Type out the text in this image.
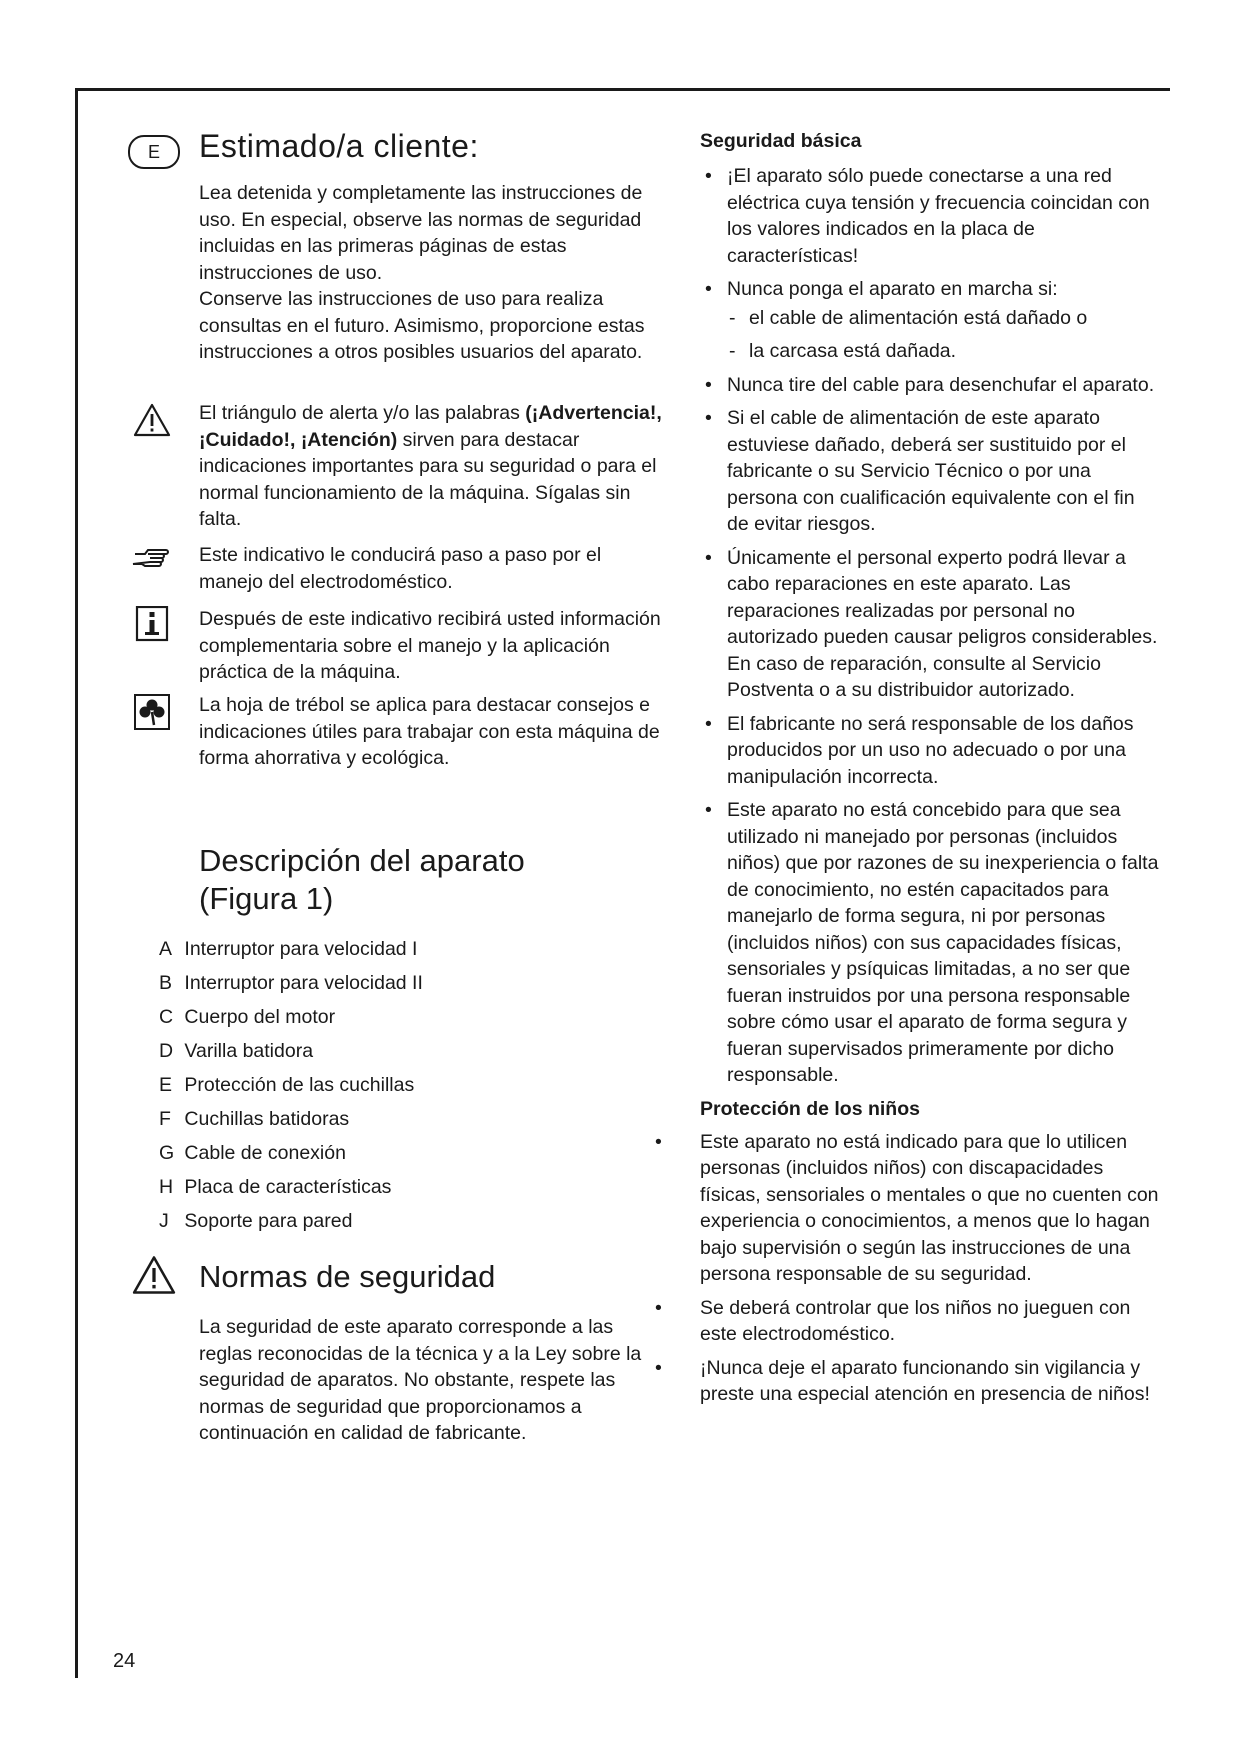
E	Estimado/a cliente:

Lea detenida y completamente las instrucciones de uso. En especial, observe las normas de seguridad incluidas en las primeras páginas de estas instrucciones de uso.

Conserve las instrucciones de uso para realiza consultas en el futuro. Asimismo, proporcione estas instrucciones a otros posibles usuarios del aparato.

El triángulo de alerta y/o las palabras (¡Advertencia!, ¡Cuidado!, ¡Atención) sirven para destacar indicaciones importantes para su seguridad o para el normal funcionamiento de la máquina. Sígalas sin falta.

Este indicativo le conducirá paso a paso por el manejo del electrodoméstico.

Después de este indicativo recibirá usted información complementaria sobre el manejo y la aplicación práctica de la máquina.

La hoja de trébol se aplica para destacar consejos e indicaciones útiles para trabajar con esta máquina de forma ahorrativa y ecológica.

Descripción del aparato
(Figura 1)
A Interruptor para velocidad I
B Interruptor para velocidad II
C Cuerpo del motor
D Varilla batidora
E Protección de las cuchillas
F Cuchillas batidoras
G Cable de conexión
H Placa de características
J Soporte para pared
Normas de seguridad

La seguridad de este aparato corresponde a las reglas reconocidas de la técnica y a la Ley sobre la seguridad de aparatos. No obstante, respete las normas de seguridad que proporcionamos a continuación en calidad de fabricante.

Seguridad básica

• ¡El aparato sólo puede conectarse a una red eléctrica cuya tensión y frecuencia coincidan con los valores indicados en la placa de características!
• Nunca ponga el aparato en marcha si:
- el cable de alimentación está dañado o
- la carcasa está dañada.
• Nunca tire del cable para desenchufar el aparato.
• Si el cable de alimentación de este aparato estuviese dañado, deberá ser sustituido por el fabricante o su Servicio Técnico o por una persona con cualificación equivalente con el fin de evitar riesgos.
• Únicamente el personal experto podrá llevar a cabo reparaciones en este aparato. Las reparaciones realizadas por personal no autorizado pueden causar peligros considerables. En caso de reparación, consulte al Servicio Postventa o a su distribuidor autorizado.
• El fabricante no será responsable de los daños producidos por un uso no adecuado o por una manipulación incorrecta.
• Este aparato no está concebido para que sea utilizado ni manejado por personas (incluidos niños) que por razones de su inexperiencia o falta de conocimiento, no estén capacitados para manejarlo de forma segura, ni por personas (incluidos niños) con sus capacidades físicas, sensoriales y psíquicas limitadas, a no ser que fueran instruidos por una persona responsable sobre cómo usar el aparato de forma segura y fueran supervisados primeramente por dicho responsable.

Protección de los niños

• Este aparato no está indicado para que lo utilicen personas (incluidos niños) con discapacidades físicas, sensoriales o mentales o que no cuenten con experiencia o conocimientos, a menos que lo hagan bajo supervisión o según las instrucciones de una persona responsable de su seguridad.
• Se deberá controlar que los niños no jueguen con este electrodoméstico.
• ¡Nunca deje el aparato funcionando sin vigilancia y preste una especial atención en presencia de niños!
24
